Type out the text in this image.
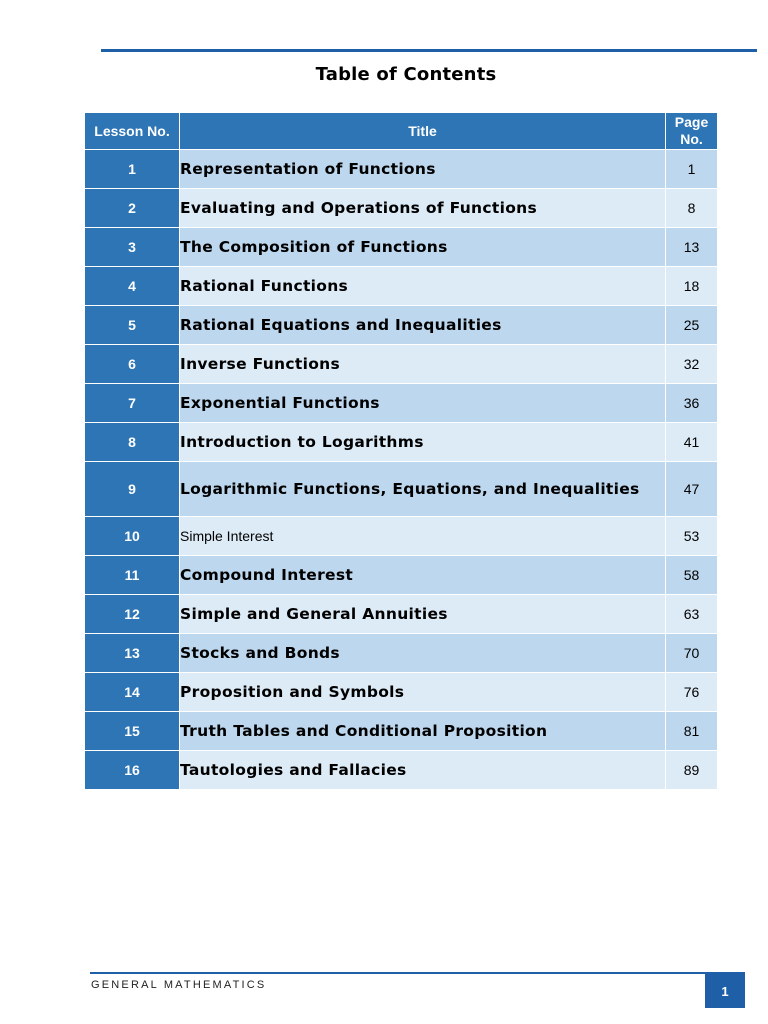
Table of Contents
Lesson No.	Title	Page
No.
1	Representation of Functions	1
2	Evaluating and Operations of Functions	8
3	The Composition of Functions	13
4	Rational Functions	18
5	Rational Equations and Inequalities	25
6	Inverse Functions	32
7	Exponential Functions	36
8	Introduction to Logarithms	41
9	Logarithmic Functions, Equations, and Inequalities	47
10	Simple Interest	53
11	Compound Interest	58
12	Simple and General Annuities	63
13	Stocks and Bonds	70
14	Proposition and Symbols	76
15	Truth Tables and Conditional Proposition	81
16	Tautologies and Fallacies	89
GENERAL MATHEMATICS	1
